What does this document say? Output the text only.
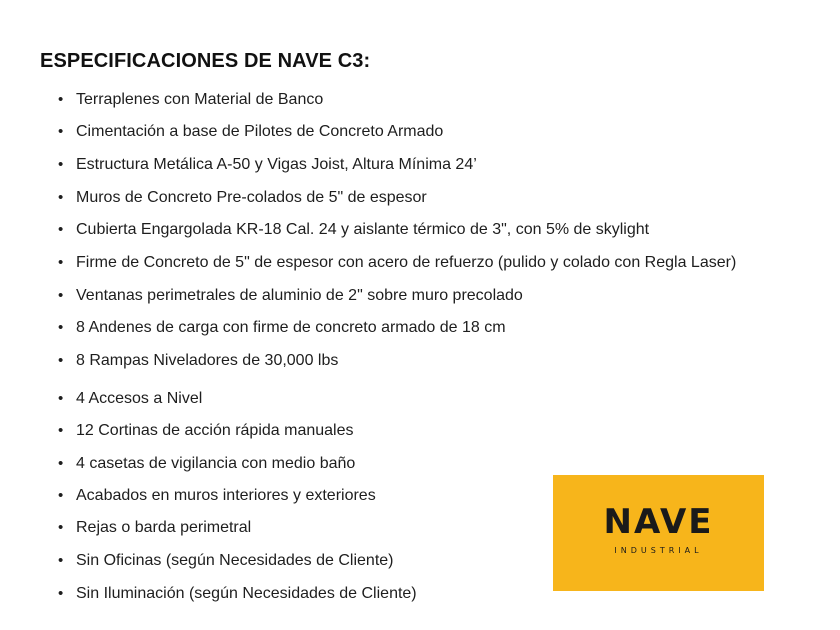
ESPECIFICACIONES DE NAVE C3:
• Terraplenes con Material de Banco
• Cimentación a base de Pilotes de Concreto Armado
• Estructura Metálica A-50 y Vigas Joist, Altura Mínima 24’
• Muros de Concreto Pre-colados de 5" de espesor
• Cubierta Engargolada KR-18 Cal. 24 y aislante térmico de 3", con 5% de skylight
• Firme de Concreto de 5" de espesor con acero de refuerzo (pulido y colado con Regla Laser)
• Ventanas perimetrales de aluminio de 2" sobre muro precolado
• 8 Andenes de carga con firme de concreto armado de 18 cm
• 8 Rampas Niveladores de 30,000 lbs
• 4 Accesos a Nivel
• 12 Cortinas de acción rápida manuales
• 4 casetas de vigilancia con medio baño
• Acabados en muros interiores y exteriores
• Rejas o barda perimetral
• Sin Oficinas (según Necesidades de Cliente)
• Sin Iluminación (según Necesidades de Cliente)
NAVE
INDUSTRIAL
